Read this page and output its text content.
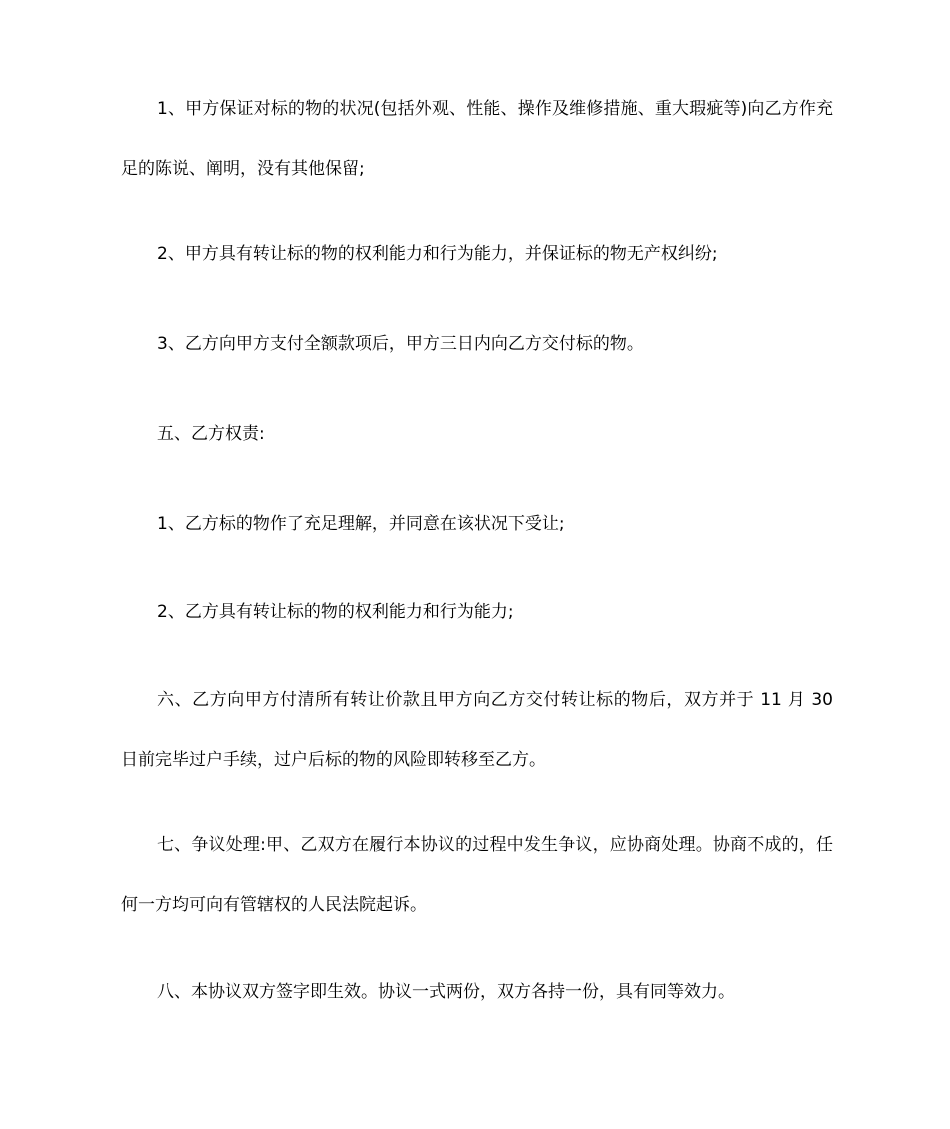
1、甲方保证对标的物的状况(包括外观、性能、操作及维修措施、重大瑕疵等)向乙方作充足的陈说、阐明，没有其他保留;

2、甲方具有转让标的物的权利能力和行为能力，并保证标的物无产权纠纷;

3、乙方向甲方支付全额款项后，甲方三日内向乙方交付标的物。

五、乙方权责:

1、乙方标的物作了充足理解，并同意在该状况下受让;

2、乙方具有转让标的物的权利能力和行为能力;

六、乙方向甲方付清所有转让价款且甲方向乙方交付转让标的物后，双方并于 11 月 30 日前完毕过户手续，过户后标的物的风险即转移至乙方。

七、争议处理:甲、乙双方在履行本协议的过程中发生争议，应协商处理。协商不成的，任何一方均可向有管辖权的人民法院起诉。

八、本协议双方签字即生效。协议一式两份，双方各持一份，具有同等效力。
